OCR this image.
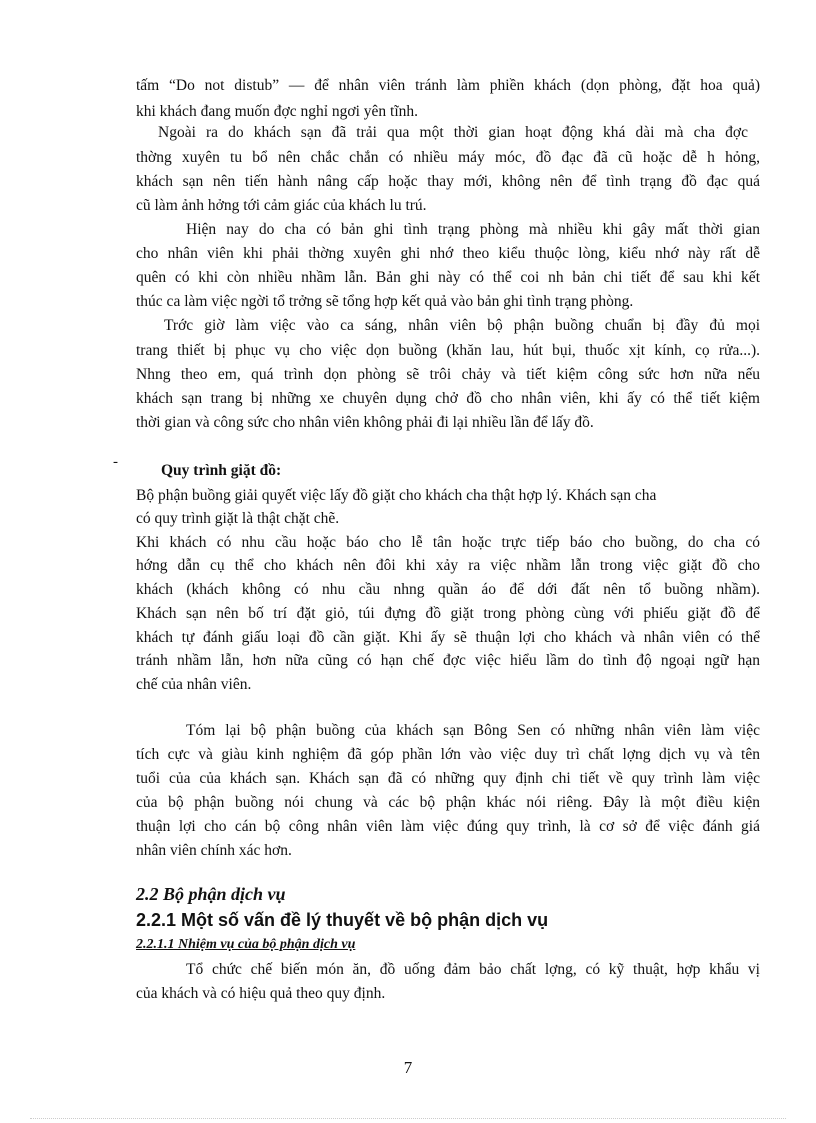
tấm “Do not distub” — để nhân viên tránh làm phiền khách (dọn phòng, đặt hoa quả)
khi khách đang muốn đợc nghỉ ngơi yên tĩnh.
Ngoài ra do khách sạn đã trải qua một thời gian hoạt động khá dài mà cha đợc
thờng xuyên tu bổ nên chắc chắn có nhiều máy móc, đồ đạc đã cũ hoặc dễ h hỏng,
khách sạn nên tiến hành nâng cấp hoặc thay mới, không nên để tình trạng đồ đạc quá
cũ làm ảnh hởng tới cảm giác của khách lu trú.
Hiện nay do cha có bản ghi tình trạng phòng mà nhiều khi gây mất thời gian
cho nhân viên khi phải thờng xuyên ghi nhớ theo kiểu thuộc lòng, kiểu nhớ này rất dễ
quên có khi còn nhiều nhầm lẫn. Bản ghi này có thể coi nh bản chi tiết để sau khi kết
thúc ca làm việc ngời tổ trởng sẽ tổng hợp kết quả vào bản ghi tình trạng phòng.
Trớc giờ làm việc vào ca sáng, nhân viên bộ phận buồng chuẩn bị đầy đủ mọi
trang thiết bị phục vụ cho việc dọn buồng (khăn lau, hút bụi, thuốc xịt kính, cọ rửa...).
Nhng theo em, quá trình dọn phòng sẽ trôi chảy và tiết kiệm công sức hơn nữa nếu
khách sạn trang bị những xe chuyên dụng chở đồ cho nhân viên, khi ấy có thể tiết kiệm
thời gian và công sức cho nhân viên không phải đi lại nhiều lần để lấy đồ.
-	Quy trình giặt đồ:
Bộ phận buồng giải quyết việc lấy đồ giặt cho khách cha thật hợp lý. Khách sạn cha
có quy trình giặt là thật chặt chẽ.
Khi khách có nhu cầu hoặc báo cho lễ tân hoặc trực tiếp báo cho buồng, do cha có
hớng dẫn cụ thể cho khách nên đôi khi xảy ra việc nhầm lẫn trong việc giặt đồ cho
khách (khách không có nhu cầu nhng quần áo để dới đất nên tổ buồng nhầm).
Khách sạn nên bố trí đặt giỏ, túi đựng đồ giặt trong phòng cùng với phiếu giặt đồ để
khách tự đánh giấu loại đồ cần giặt. Khi ấy sẽ thuận lợi cho khách và nhân viên có thể
tránh nhầm lẫn, hơn nữa cũng có hạn chế đợc việc hiểu lầm do tình độ ngoại ngữ hạn
chế của nhân viên.
Tóm lại bộ phận buồng của khách sạn Bông Sen có những nhân viên làm việc
tích cực và giàu kinh nghiệm đã góp phần lớn vào việc duy trì chất lợng dịch vụ và tên
tuổi của của khách sạn. Khách sạn đã có những quy định chi tiết về quy trình làm việc
của bộ phận buồng nói chung và các bộ phận khác nói riêng. Đây là một điều kiện
thuận lợi cho cán bộ công nhân viên làm việc đúng quy trình, là cơ sở để việc đánh giá
nhân viên chính xác hơn.
2.2 Bộ phận dịch vụ
2.2.1 Một số vấn đề lý thuyết về bộ phận dịch vụ
2.2.1.1 Nhiệm vụ của bộ phận dịch vụ
Tổ chức chế biến món ăn, đồ uống đảm bảo chất lợng, có kỹ thuật, hợp khẩu vị
của khách và có hiệu quả theo quy định.
7
